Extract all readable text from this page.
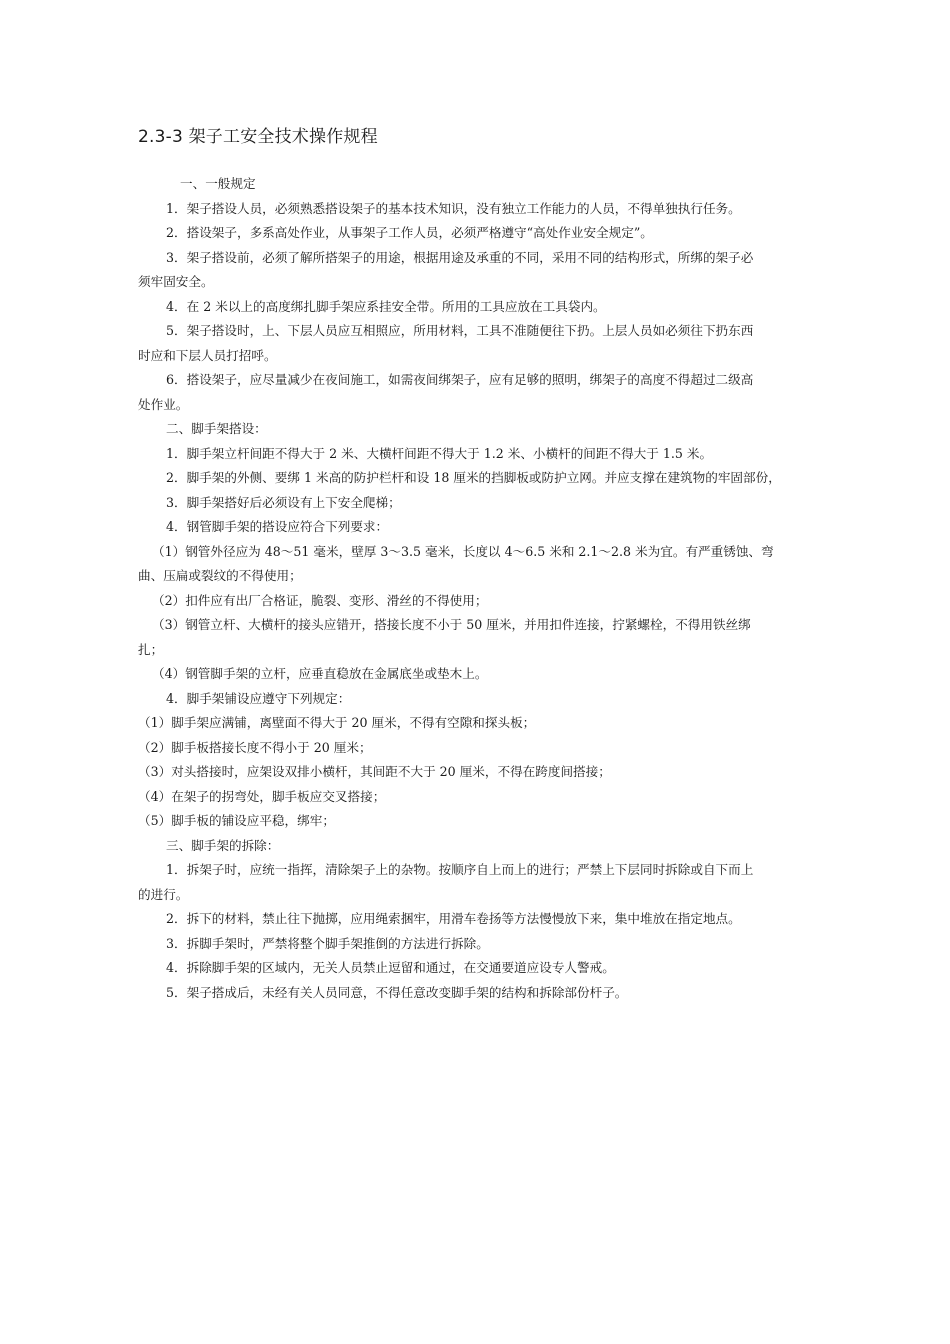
2.3-3 架子工安全技术操作规程
一、一般规定
1．架子搭设人员，必须熟悉搭设架子的基本技术知识，没有独立工作能力的人员，不得单独执行任务。
2．搭设架子，多系高处作业，从事架子工作人员，必须严格遵守“高处作业安全规定”。
3．架子搭设前，必须了解所搭架子的用途，根据用途及承重的不同，采用不同的结构形式，所绑的架子必
须牢固安全。
4．在 2 米以上的高度绑扎脚手架应系挂安全带。所用的工具应放在工具袋内。
5．架子搭设时，上、下层人员应互相照应，所用材料，工具不准随便往下扔。上层人员如必须往下扔东西
时应和下层人员打招呼。
6．搭设架子，应尽量减少在夜间施工，如需夜间绑架子，应有足够的照明，绑架子的高度不得超过二级高
处作业。
二、脚手架搭设：
1．脚手架立杆间距不得大于 2 米、大横杆间距不得大于 1.2 米、小横杆的间距不得大于 1.5 米。
2．脚手架的外侧、要绑 1 米高的防护栏杆和设 18 厘米的挡脚板或防护立网。并应支撑在建筑物的牢固部份，
3．脚手架搭好后必须设有上下安全爬梯；
4．钢管脚手架的搭设应符合下列要求：
（1）钢管外径应为 48～51 毫米，壁厚 3～3.5 毫米，长度以 4～6.5 米和 2.1～2.8 米为宜。有严重锈蚀、弯
曲、压扁或裂纹的不得使用；
（2）扣件应有出厂合格证，脆裂、变形、滑丝的不得使用；
（3）钢管立杆、大横杆的接头应错开，搭接长度不小于 50 厘米，并用扣件连接，拧紧螺栓，不得用铁丝绑
扎；
（4）钢管脚手架的立杆，应垂直稳放在金属底坐或垫木上。
4．脚手架铺设应遵守下列规定：
（1）脚手架应满铺，离壁面不得大于 20 厘米，不得有空隙和探头板；
（2）脚手板搭接长度不得小于 20 厘米；
（3）对头搭接时，应架设双排小横杆，其间距不大于 20 厘米，不得在跨度间搭接；
（4）在架子的拐弯处，脚手板应交叉搭接；
（5）脚手板的铺设应平稳，绑牢；
三、脚手架的拆除：
1．拆架子时，应统一指挥，清除架子上的杂物。按顺序自上而上的进行；严禁上下层同时拆除或自下而上
的进行。
2．拆下的材料，禁止往下抛掷，应用绳索捆牢，用滑车卷扬等方法慢慢放下来，集中堆放在指定地点。
3．拆脚手架时，严禁将整个脚手架推倒的方法进行拆除。
4．拆除脚手架的区域内，无关人员禁止逗留和通过，在交通要道应设专人警戒。
5．架子搭成后，未经有关人员同意，不得任意改变脚手架的结构和拆除部份杆子。
